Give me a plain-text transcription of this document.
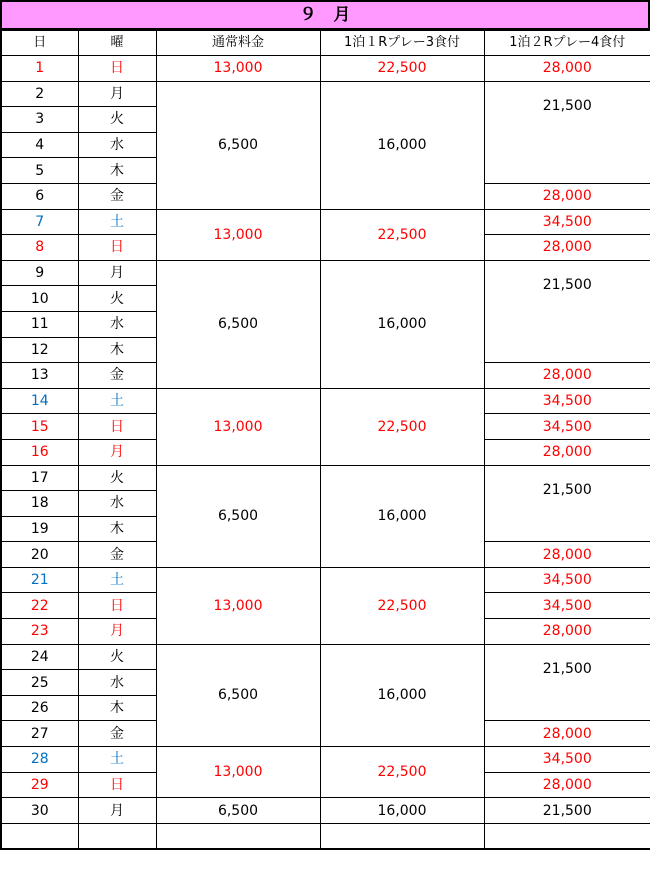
９　月
日	曜	通常料金	1泊１Rプレー3食付	1泊２Rプレー4食付
1	日	13,000	22,500	28,000
2	月	6,500	16,000	21,500
3	火			
4	水			
5	木			
6	金			28,000
7	土	13,000	22,500	34,500
8	日			28,000
9	月	6,500	16,000	21,500
10	火			
11	水			
12	木			
13	金			28,000
14	土	13,000	22,500	34,500
15	日			34,500
16	月			28,000
17	火	6,500	16,000	21,500
18	水			
19	木			
20	金			28,000
21	土	13,000	22,500	34,500
22	日			34,500
23	月			28,000
24	火	6,500	16,000	21,500
25	水			
26	木			
27	金			28,000
28	土	13,000	22,500	34,500
29	日			28,000
30	月	6,500	16,000	21,500
